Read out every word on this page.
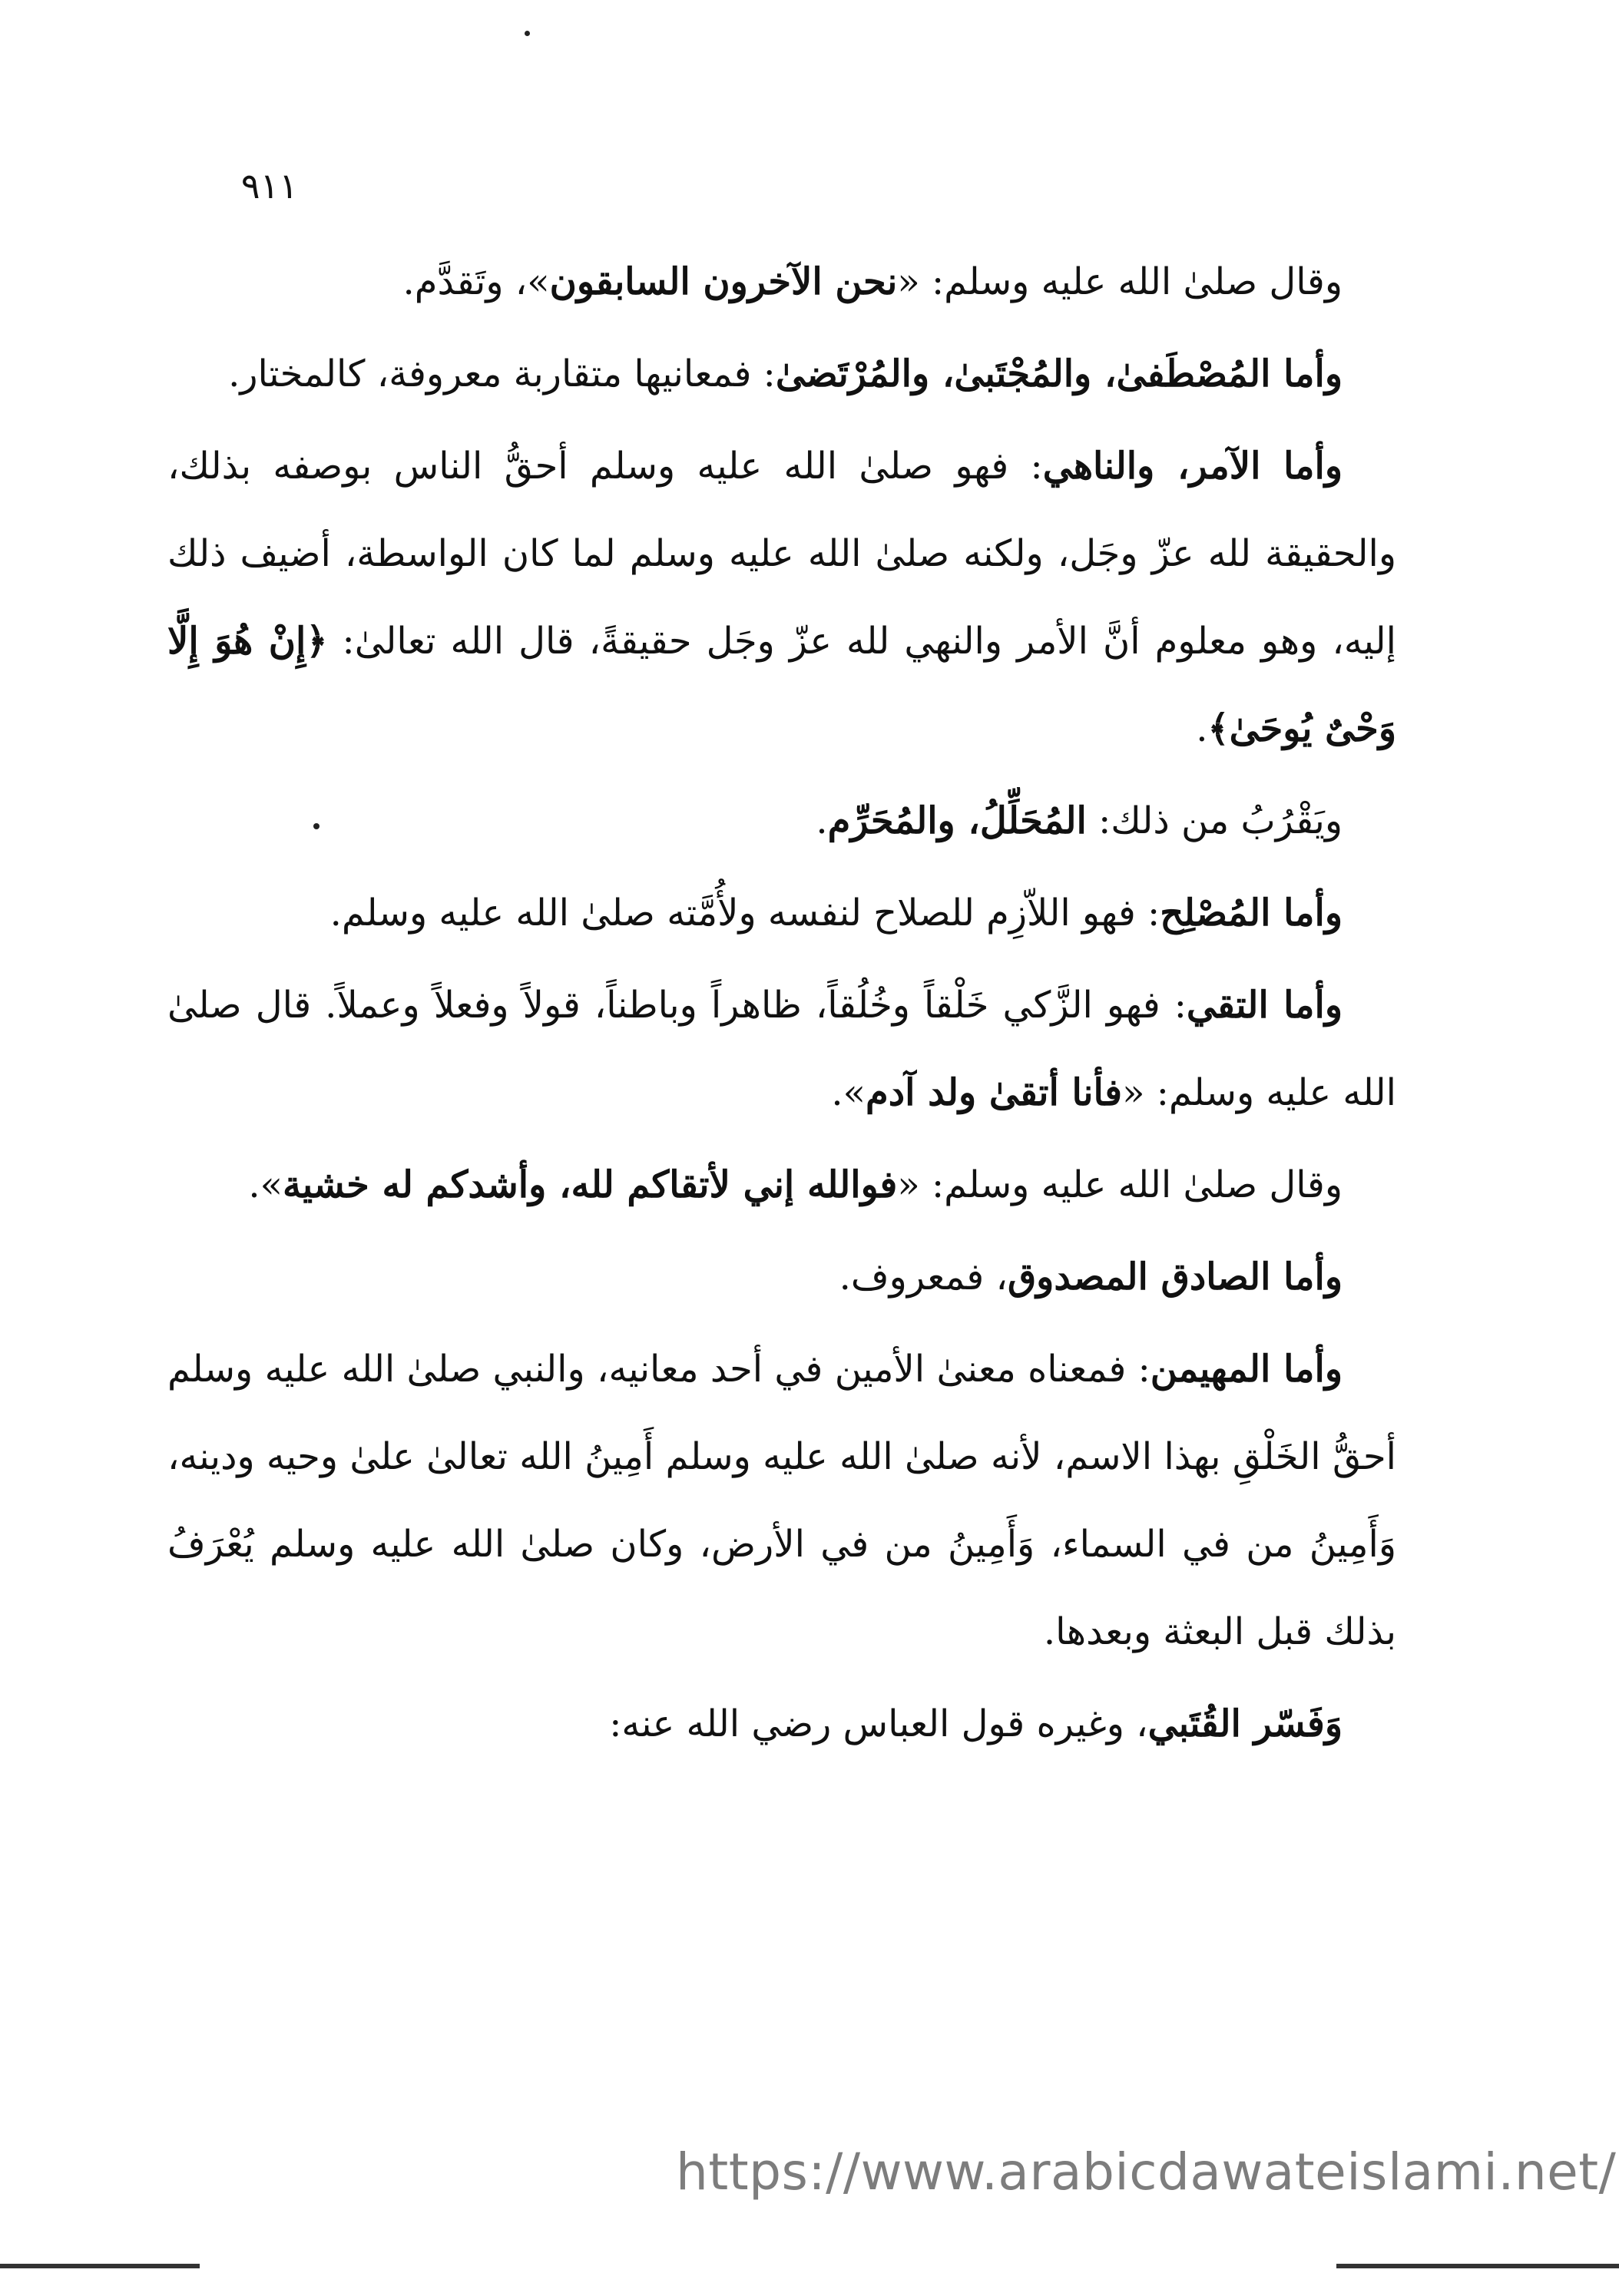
٩١١

وقال صلىٰ الله عليه وسلم: «نحن الآخرون السابقون»، وتَقدَّم.

وأما المُصْطَفىٰ، والمُجْتَبىٰ، والمُرْتَضىٰ: فمعانيها متقاربة معروفة، كالمختار.

وأما الآمر، والناهي: فهو صلىٰ الله عليه وسلم أحقُّ الناس بوصفه بذلك، والحقيقة لله عزّ وجَل، ولكنه صلىٰ الله عليه وسلم لما كان الواسطة، أضيف ذلك إليه، وهو معلوم أنَّ الأمر والنهي لله عزّ وجَل حقيقةً، قال الله تعالىٰ: ﴿إِنْ هُوَ إِلَّا وَحْىٌ يُوحَىٰ﴾.

ويَقْرُبُ من ذلك: المُحَلِّلُ، والمُحَرِّم.

وأما المُصْلِح: فهو اللاّزِم للصلاح لنفسه ولأُمَّته صلىٰ الله عليه وسلم.

وأما التقي: فهو الزَّكي خَلْقاً وخُلُقاً، ظاهراً وباطناً، قولاً وفعلاً وعملاً. قال صلىٰ الله عليه وسلم: «فأنا أتقىٰ ولد آدم».

وقال صلىٰ الله عليه وسلم: «فوالله إني لأتقاكم لله، وأشدكم له خشية».

وأما الصادق المصدوق، فمعروف.

وأما المهيمن: فمعناه معنىٰ الأمين في أحد معانيه، والنبي صلىٰ الله عليه وسلم أحقُّ الخَلْقِ بهذا الاسم، لأنه صلىٰ الله عليه وسلم أَمِينُ الله تعالىٰ علىٰ وحيه ودينه، وَأَمِينُ من في السماء، وَأَمِينُ من في الأرض، وكان صلىٰ الله عليه وسلم يُعْرَفُ بذلك قبل البعثة وبعدها.

وَفَسّر القُتَبي، وغيره قول العباس رضي الله عنه:

https://www.arabicdawateislami.net/
